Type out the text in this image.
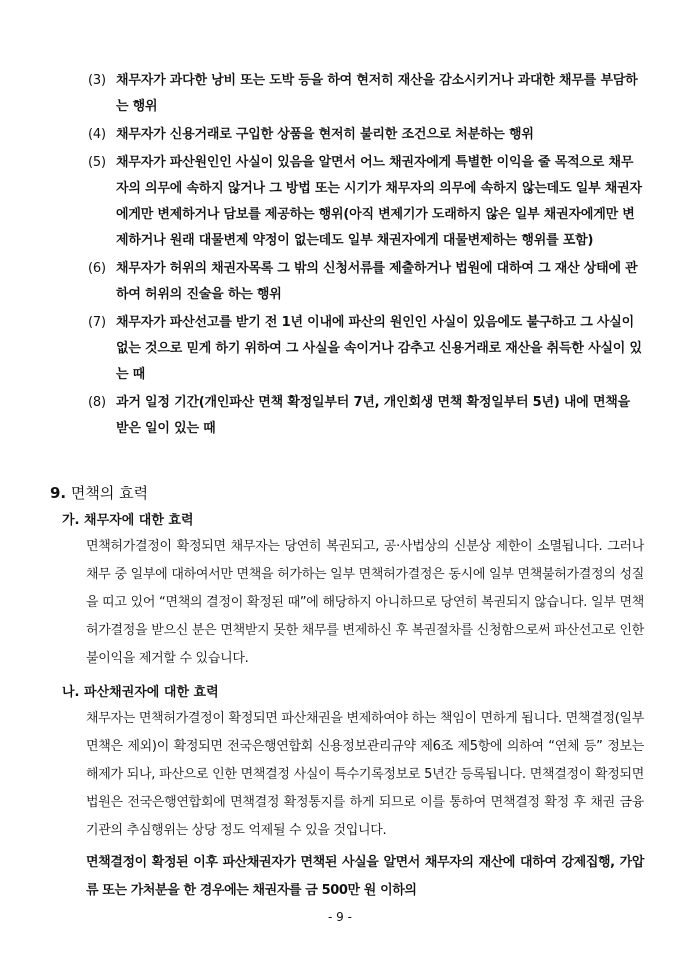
(3) 채무자가 과다한 낭비 또는 도박 등을 하여 현저히 재산을 감소시키거나 과대한 채무를 부담하는 행위
(4) 채무자가 신용거래로 구입한 상품을 현저히 불리한 조건으로 처분하는 행위
(5) 채무자가 파산원인인 사실이 있음을 알면서 어느 채권자에게 특별한 이익을 줄 목적으로 채무자의 의무에 속하지 않거나 그 방법 또는 시기가 채무자의 의무에 속하지 않는데도 일부 채권자에게만 변제하거나 담보를 제공하는 행위(아직 변제기가 도래하지 않은 일부 채권자에게만 변제하거나 원래 대물변제 약정이 없는데도 일부 채권자에게 대물변제하는 행위를 포함)
(6) 채무자가 허위의 채권자목록 그 밖의 신청서류를 제출하거나 법원에 대하여 그 재산 상태에 관하여 허위의 진술을 하는 행위
(7) 채무자가 파산선고를 받기 전 1년 이내에 파산의 원인인 사실이 있음에도 불구하고 그 사실이 없는 것으로 믿게 하기 위하여 그 사실을 속이거나 감추고 신용거래로 재산을 취득한 사실이 있는 때
(8) 과거 일정 기간(개인파산 면책 확정일부터 7년, 개인회생 면책 확정일부터 5년) 내에 면책을 받은 일이 있는 때
9. 면책의 효력
가. 채무자에 대한 효력
면책허가결정이 확정되면 채무자는 당연히 복권되고, 공·사법상의 신분상 제한이 소멸됩니다. 그러나 채무 중 일부에 대하여서만 면책을 허가하는 일부 면책허가결정은 동시에 일부 면책불허가결정의 성질을 띠고 있어 “면책의 결정이 확정된 때”에 해당하지 아니하므로 당연히 복권되지 않습니다. 일부 면책허가결정을 받으신 분은 면책받지 못한 채무를 변제하신 후 복권절차를 신청함으로써 파산선고로 인한 불이익을 제거할 수 있습니다.
나. 파산채권자에 대한 효력
채무자는 면책허가결정이 확정되면 파산채권을 변제하여야 하는 책임이 면하게 됩니다. 면책결정(일부면책은 제외)이 확정되면 전국은행연합회 신용정보관리규약 제6조 제5항에 의하여 “연체 등” 정보는 해제가 되나, 파산으로 인한 면책결정 사실이 특수기록정보로 5년간 등록됩니다. 면책결정이 확정되면 법원은 전국은행연합회에 면책결정 확정통지를 하게 되므로 이를 통하여 면책결정 확정 후 채권 금융기관의 추심행위는 상당 정도 억제될 수 있을 것입니다.
면책결정이 확정된 이후 파산채권자가 면책된 사실을 알면서 채무자의 재산에 대하여 강제집행, 가압류 또는 가처분을 한 경우에는 채권자를 금 500만 원 이하의
- 9 -
